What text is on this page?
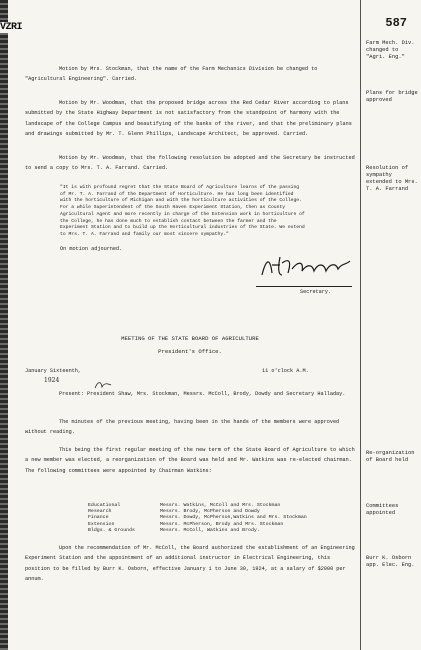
VZRI	587
Farm Mech. Div. changed to "Agri. Eng."
Plans for bridge approved
Resolution of sympathy extended to Mrs. T. A. Farrand
Re-organization of Board held
Committees appointed
Burr K. Osborn app. Elec. Eng.
Motion by Mrs. Stockman, that the name of the Farm Mechanics Division be changed to "Agricultural Engineering". Carried.
Motion by Mr. Woodman, that the proposed bridge across the Red Cedar River according to plans submitted by the State Highway Department is not satisfactory from the standpoint of harmony with the landscape of the College Campus and beautifying of the banks of the river, and that the preliminary plans and drawings submitted by Mr. T. Glenn Phillips, Landscape Architect, be approved. Carried.
Motion by Mr. Woodman, that the following resolution be adopted and the Secretary be instructed to send a copy to Mrs. T. A. Farrand. Carried.
"It is with profound regret that the State Board of Agriculture learns of the passing of Mr. T. A. Farrand of the Department of Horticulture. He has long been identified with the horticulture of Michigan and with the horticulture activities of the College. For a while Superintendent of the South Haven Experiment Station, then as County Agricultural Agent and more recently in charge of the Extension work in horticulture of the College, he has done much to establish contact between the farmer and the Experiment Station and to build up the Horticultural industries of the State. We extend to Mrs. T. A. Farrand and family our most sincere sympathy."
On motion adjourned.
Secretary.
MEETING OF THE STATE BOARD OF AGRICULTURE
President's Office.
January Sixteenth,
1924
11 o'clock A.M.
Present: President Shaw, Mrs. Stockman, Messrs. McColl, Brody, Dowdy and Secretary Halladay.
The minutes of the previous meeting, having been in the hands of the members were approved without reading.
This being the first regular meeting of the new term of the State Board of Agriculture to which a new member was elected, a reorganization of the Board was held and Mr. Watkins was re-elected chairman. The following committees were appointed by Chairman Watkins:
Educational	Messrs. Watkins, McColl and Mrs. Stockman
Research	Messrs. Brody, McPherson and Dowdy
Finance	Messrs. Dowdy, McPherson,Watkins and Mrs. Stockman
Extension	Messrs. McPherson, Brody and Mrs. Stockman
Bldgs. & Grounds	Messrs. McColl, Watkins and Brody.
Upon the recommendation of Mr. McColl, the Board authorized the establishment of an Engineering Experiment Station and the appointment of an additional instructor in Electrical Engineering, this position to be filled by Burr K. Osborn, effective January 1 to June 30, 1924, at a salary of $2000 per annum.
